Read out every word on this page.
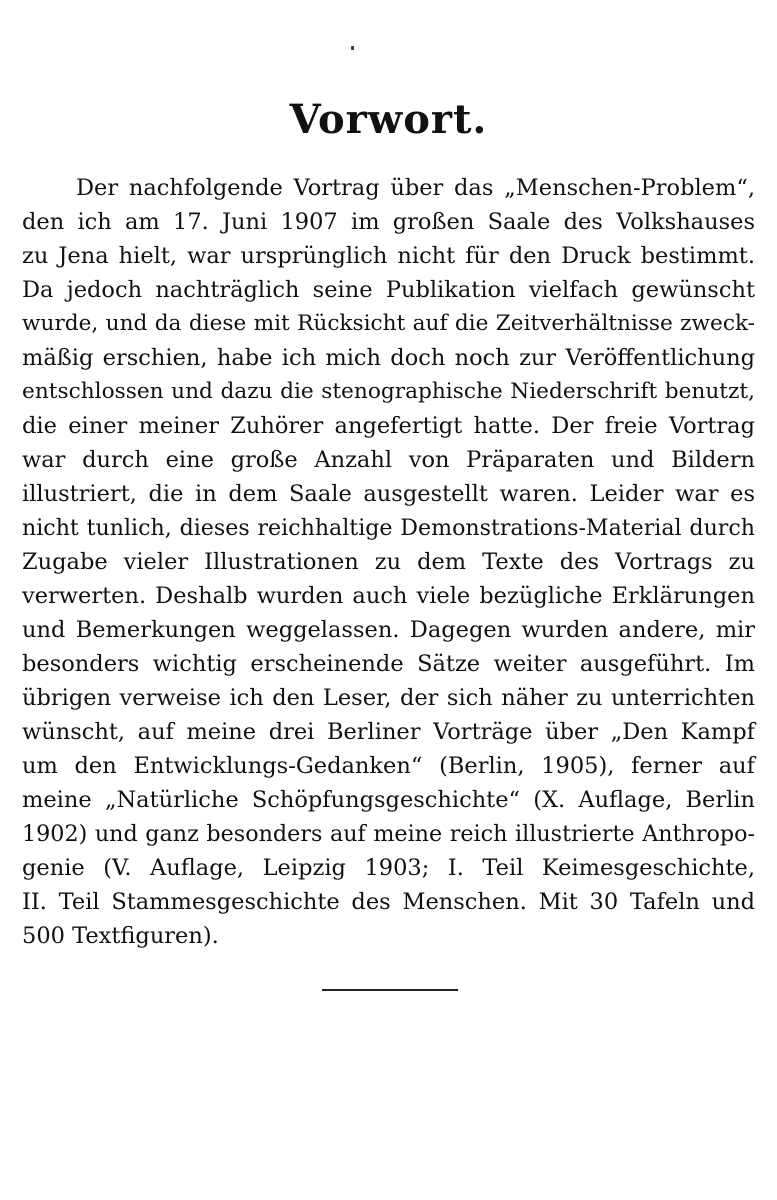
Vorwort.
Der nachfolgende Vortrag über das „Menschen-Problem“,
den ich am 17. Juni 1907 im großen Saale des Volkshauses
zu Jena hielt, war ursprünglich nicht für den Druck bestimmt.
Da jedoch nachträglich seine Publikation vielfach gewünscht
wurde, und da diese mit Rücksicht auf die Zeitverhältnisse zweck-
mäßig erschien, habe ich mich doch noch zur Veröffentlichung
entschlossen und dazu die stenographische Niederschrift benutzt,
die einer meiner Zuhörer angefertigt hatte. Der freie Vortrag
war durch eine große Anzahl von Präparaten und Bildern
illustriert, die in dem Saale ausgestellt waren. Leider war es
nicht tunlich, dieses reichhaltige Demonstrations-Material durch
Zugabe vieler Illustrationen zu dem Texte des Vortrags zu
verwerten. Deshalb wurden auch viele bezügliche Erklärungen
und Bemerkungen weggelassen. Dagegen wurden andere, mir
besonders wichtig erscheinende Sätze weiter ausgeführt. Im
übrigen verweise ich den Leser, der sich näher zu unterrichten
wünscht, auf meine drei Berliner Vorträge über „Den Kampf
um den Entwicklungs-Gedanken“ (Berlin, 1905), ferner auf
meine „Natürliche Schöpfungsgeschichte“ (X. Auflage, Berlin
1902) und ganz besonders auf meine reich illustrierte Anthropo-
genie (V. Auflage, Leipzig 1903; I. Teil Keimesgeschichte,
II. Teil Stammesgeschichte des Menschen. Mit 30 Tafeln und
500 Textfiguren).
